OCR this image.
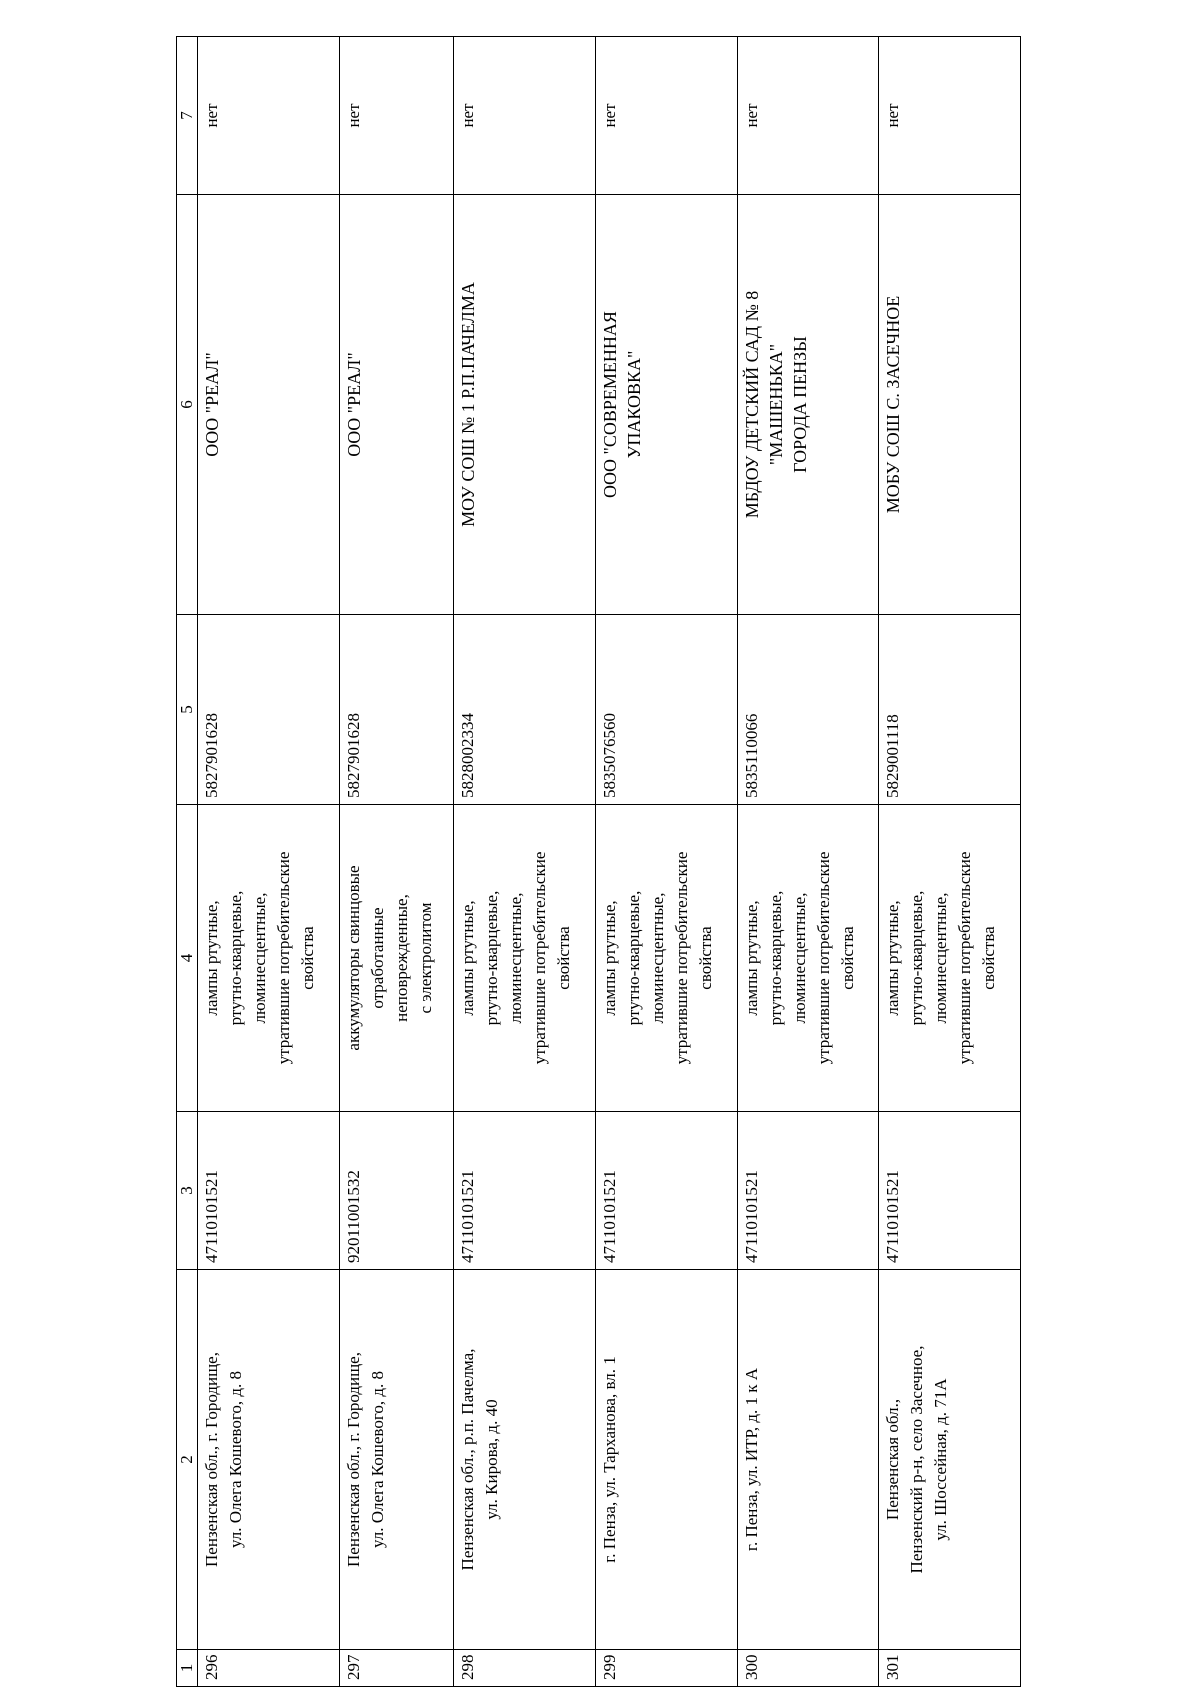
1	2	3	4	5	6	7
296	Пензенская обл., г. Городище, ул. Олега Кошевого, д. 8	47110101521	лампы ртутные, ртутно-кварцевые, люминесцентные, утратившие потребительские свойства	5827901628	ООО "РЕАЛ"	нет
297	Пензенская обл., г. Городище, ул. Олега Кошевого, д. 8	92011001532	аккумуляторы свинцовые отработанные неповрежденные, с электролитом	5827901628	ООО "РЕАЛ"	нет
298	Пензенская обл., р.п. Пачелма, ул. Кирова, д. 40	47110101521	лампы ртутные, ртутно-кварцевые, люминесцентные, утратившие потребительские свойства	5828002334	МОУ СОШ № 1 Р.П.ПАЧЕЛМА	нет
299	г. Пенза, ул. Тарханова, вл. 1	47110101521	лампы ртутные, ртутно-кварцевые, люминесцентные, утратившие потребительские свойства	5835076560	ООО "СОВРЕМЕННАЯ УПАКОВКА"	нет
300	г. Пенза, ул. ИТР, д. 1 к А	47110101521	лампы ртутные, ртутно-кварцевые, люминесцентные, утратившие потребительские свойства	5835110066	МБДОУ ДЕТСКИЙ САД № 8 "МАШЕНЬКА" ГОРОДА ПЕНЗЫ	нет
301	Пензенская обл., Пензенский р-н, село Засечное, ул. Шоссейная, д. 71А	47110101521	лампы ртутные, ртутно-кварцевые, люминесцентные, утратившие потребительские свойства	5829001118	МОБУ СОШ С. ЗАСЕЧНОЕ	нет
